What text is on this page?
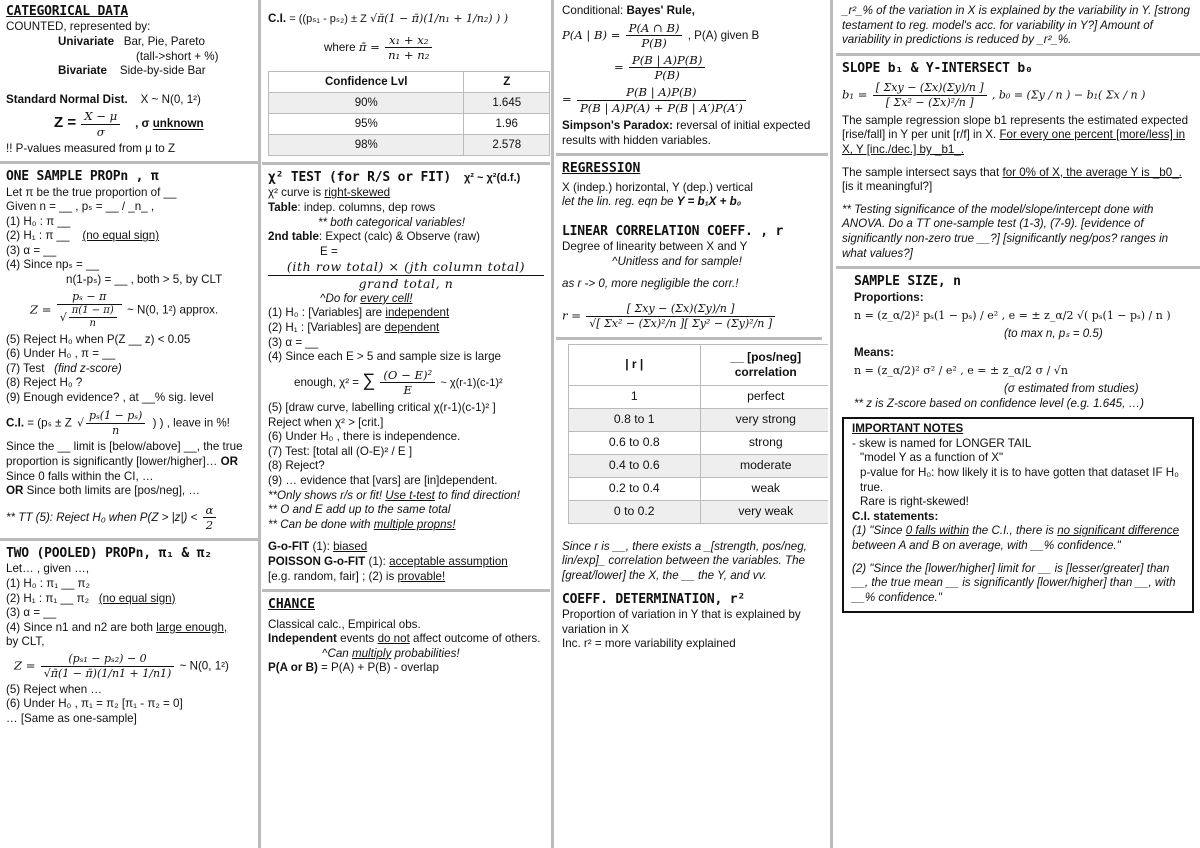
CATEGORICAL DATA
COUNTED, represented by:
Univariate Bar, Pie, Pareto
(tall->short + %)
Bivariate Side-by-side Bar
Standard Normal Dist. X ~ N(0, 1²)
$Z = \frac{X - \mu}{\sigma}$ , σ unknown
!! P-values measured from μ to Z
ONE SAMPLE PROPn , π
Let π be the true proportion of __
Given n = __ , pₛ = __ / _n_ ,
(1) H₀ : π __
(2) H₁ : π __ (no equal sign)
(3) α = __
(4) Since npₛ = __
n(1-pₛ) = __ , both > 5, by CLT
$Z = \frac{\text{pₛ − π}}{√ \frac{\pi(1 - \pi)}{n}}$ ~ N(0, 1²) approx.
(5) Reject H₀ when P(Z __ z) < 0.05
(6) Under H₀ , π = __
(7) Test (find z-score)
(8) Reject H₀ ?
(9) Enough evidence? , at __% sig. level
C.I. = (pₛ ± Z √ $\frac{\text{pₛ(1 − pₛ)}}{n}$ ) ) , leave in %!
Since the __ limit is [below/above] __, the true proportion is significantly [lower/higher]… OR Since 0 falls within the CI, …
OR Since both limits are [pos/neg], …
** TT (5): Reject H₀ when $P(Z > |z|) < \frac{\alpha}{2}$
TWO (POOLED) PROPn, π₁ & π₂
Let… , given …,
(1) H₀ : π₁ __ π₂
(2) H₁ : π₁ __ π₂ (no equal sign)
(3) α = __
(4) Since n1 and n2 are both large enough,
by CLT,
$Z = \frac{\text{(pₛ₁ − pₛ₂) − 0}}{√\pī(1 - \pī)(1/n1 + 1/n1)}$ ~ N(0, 1²)
(5) Reject when …
(6) Under H₀ , π₁ = π₂ [π₁ - π₂ = 0]
… [Same as one-sample]
C.I. = ((pₛ₁ - pₛ₂) ± Z √π̄(1 − π̄)(1/n₁ + 1/n₂) ) )
where π̄ = $\frac{\text{x₁ + x₂}}{\text{n₁ + n₂}}$
Confidence Lvl	Z
90%	1.645
95%	1.96
98%	2.578
χ² TEST (for R/S or FIT) χ² ~ χ²(d.f.)
χ² curve is right-skewed
Table: indep. columns, dep rows
** both categorical variables!
2nd table: Expect (calc) & Observe (raw)
E =
(ith row total) × (jth column total)
grand total, n
^Do for every cell!
(1) H₀ : [Variables] are independent
(2) H₁ : [Variables] are dependent
(3) α = __
(4) Since each E > 5 and sample size is large
enough, χ² = ∑ $\frac{\text{(O − E)²}}{E}$ ~ χ(r-1)(c-1)²
(5) [draw curve, labelling critical χ(r-1)(c-1)² ]
Reject when χ² > [crit.]
(6) Under H₀ , there is independence.
(7) Test: [total all (O-E)² / E ]
(8) Reject?
(9) … evidence that [vars] are [in]dependent.
**Only shows r/s or fit! Use t-test to find direction!
** O and E add up to the same total
** Can be done with multiple propns!
G-o-FIT (1): biased
POISSON G-o-FIT (1): acceptable assumption
[e.g. random, fair] ; (2) is provable!
CHANCE
Classical calc., Empirical obs.
Independent events do not affect outcome of others.
^Can multiply probabilities!
P(A or B) = P(A) + P(B) - overlap
Conditional: Bayes' Rule,
P(A | $B) = \frac{P(A \cap B)}{P(B)}$ , P(A) given B
= $\frac{P(B | A)P(B)}{P(B)}$
= $\frac{P(B | A)P(B)}{P(B | A)P(A) + P(B | A')P(A')}$
Simpson's Paradox: reversal of initial expected results with hidden variables.
REGRESSION
X (indep.) horizontal, Y (dep.) vertical
let the lin. reg. eqn be Y = b₁X + b₀
LINEAR CORRELATION COEFF. , r
Degree of linearity between X and Y
^Unitless and for sample!
as r -> 0, more negligible the corr.!
$r = \frac{\text{[ Σxy − (Σx)(Σy)/n ]}}{\text{√[ Σx² − (Σx)²/n ][ Σy² − (Σy)²/n ]}}$
| r |	__ [pos/neg] correlation
1	perfect
0.8 to 1	very strong
0.6 to 0.8	strong
0.4 to 0.6	moderate
0.2 to 0.4	weak
0 to 0.2	very weak
Since r is __, there exists a _[strength, pos/neg, lin/exp]_ correlation between the variables. The [great/lower] the X, the __ the Y, and vv.
COEFF. DETERMINATION, r²
Proportion of variation in Y that is explained by variation in X
Inc. r² = more variability explained
_r²_% of the variation in X is explained by the variability in Y. [strong testament to reg. model's acc. for variability in Y?] Amount of variability in predictions is reduced by _r²_%.
SLOPE b₁ & Y-INTERSECT b₀
$b_1 = \frac{\text{[ Σxy − (Σx)(Σy)/n ]}}{\text{[ Σx² − (Σx)²/n ]}}$ , b₀ = (Σy / n ) − b₁( Σx / n )
The sample regression slope b1 represents the estimated expected [rise/fall] in Y per unit [r/f] in X. For every one percent [more/less] in X, Y [inc./dec.] by _b1_.
The sample intersect says that for 0% of X, the average Y is _b0_.
[is it meaningful?]
** Testing significance of the model/slope/intercept done with ANOVA. Do a TT one-sample test (1-3), (7-9). [evidence of significantly non-zero true __?] [significantly neg/pos? ranges in what values?]
SAMPLE SIZE, n
Proportions:
n = (z_α/2)² pₛ(1 − pₛ) / e² , e = ± z_α/2 √( pₛ(1 − pₛ) / n )
(to max n, pₛ = 0.5)
Means:
n = (z_α/2)² σ² / e² , e = ± z_α/2 σ / √n
(σ estimated from studies)
** z is Z-score based on confidence level (e.g. 1.645, …)
IMPORTANT NOTES
- skew is named for LONGER TAIL
"model Y as a function of X"
p-value for H₀: how likely it is to have gotten that dataset IF H₀ true.
Rare is right-skewed!
C.I. statements:
(1) "Since 0 falls within the C.I., there is no significant difference between A and B on average, with __% confidence."
(2) "Since the [lower/higher] limit for __ is [lesser/greater] than __, the true mean __ is significantly [lower/higher] than __, with __% confidence."
